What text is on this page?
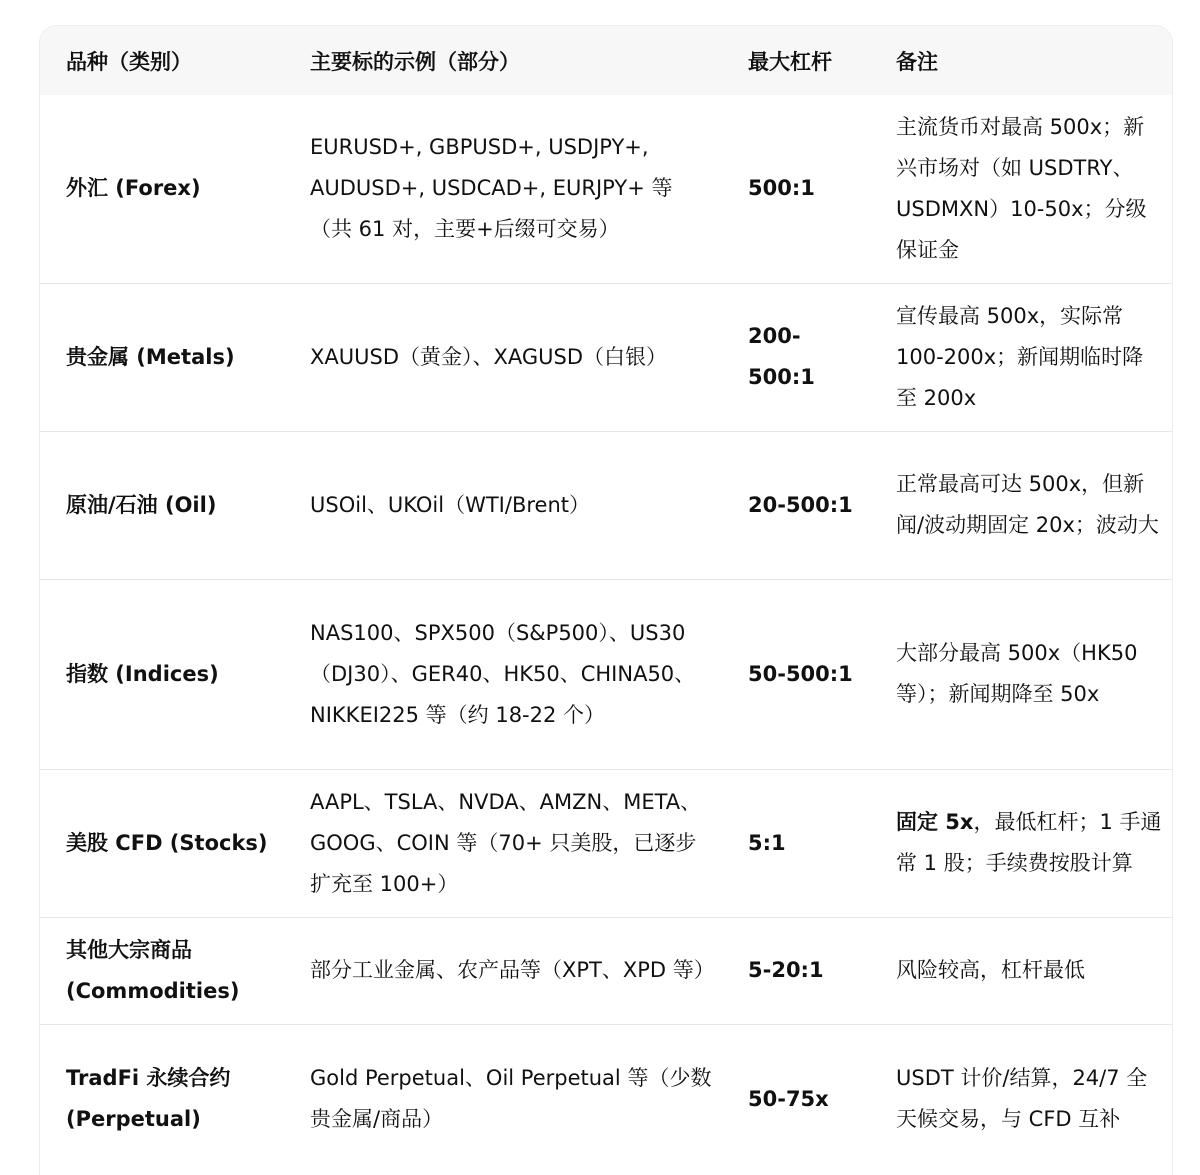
品种（类别）	主要标的示例（部分）	最大杠杆	备注
外汇 (Forex)	EURUSD+, GBPUSD+, USDJPY+, AUDUSD+, USDCAD+, EURJPY+ 等（共 61 对，主要+后缀可交易）	500:1	主流货币对最高 500x；新兴市场对（如 USDTRY、USDMXN）10-50x；分级保证金
贵金属 (Metals)	XAUUSD（黄金）、XAGUSD（白银）	200-500:1	宣传最高 500x，实际常 100-200x；新闻期临时降至 200x
原油/石油 (Oil)	USOil、UKOil（WTI/Brent）	20-500:1	正常最高可达 500x，但新闻/波动期固定 20x；波动大
指数 (Indices)	NAS100、SPX500（S&P500）、US30（DJ30）、GER40、HK50、CHINA50、NIKKEI225 等（约 18-22 个）	50-500:1	大部分最高 500x（HK50 等）；新闻期降至 50x
美股 CFD (Stocks)	AAPL、TSLA、NVDA、AMZN、META、GOOG、COIN 等（70+ 只美股，已逐步扩充至 100+）	5:1	固定 5x，最低杠杆；1 手通常 1 股；手续费按股计算
其他大宗商品 (Commodities)	部分工业金属、农产品等（XPT、XPD 等）	5-20:1	风险较高，杠杆最低
TradFi 永续合约 (Perpetual)	Gold Perpetual、Oil Perpetual 等（少数贵金属/商品）	50-75x	USDT 计价/结算，24/7 全天候交易，与 CFD 互补
